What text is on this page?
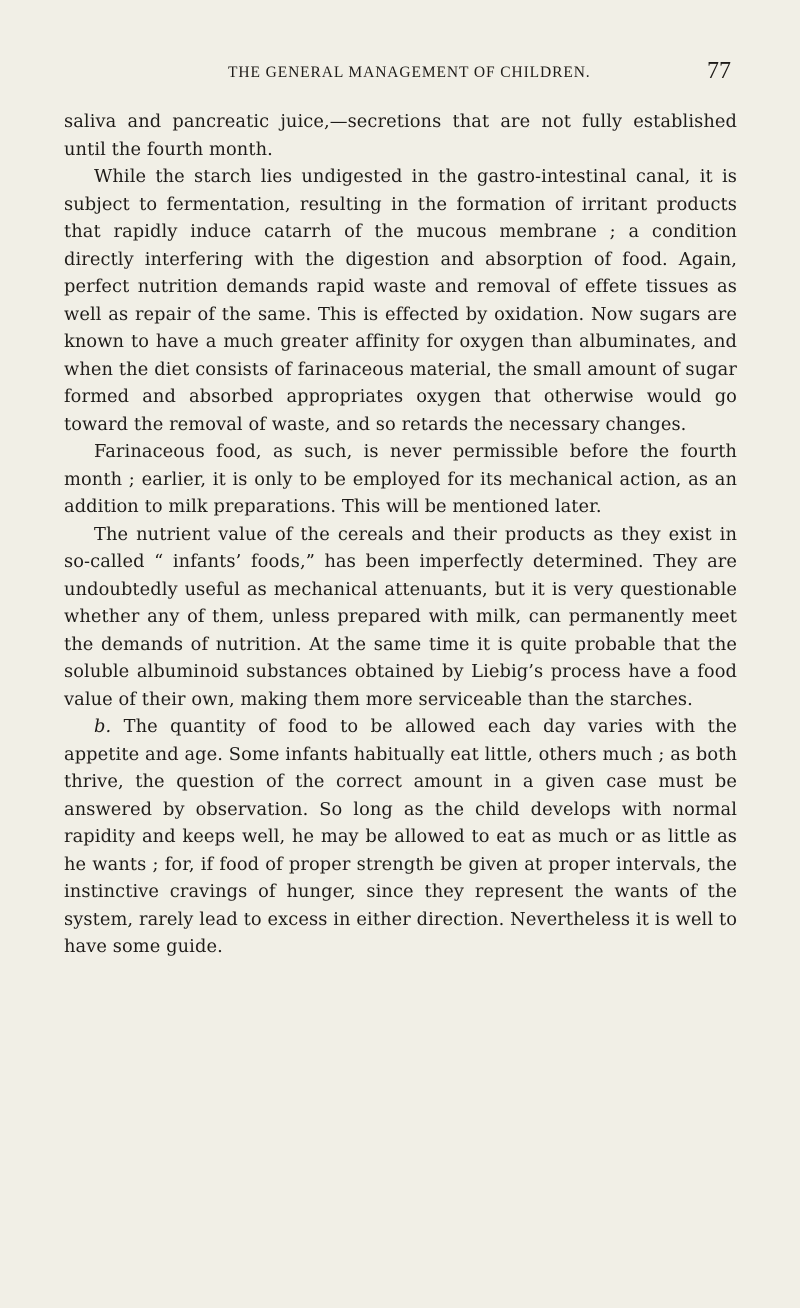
THE GENERAL MANAGEMENT OF CHILDREN.	77

saliva and pancreatic juice,—secretions that are not fully established until the fourth month.

While the starch lies undigested in the gastro-intestinal canal, it is subject to fermentation, resulting in the formation of irritant products that rapidly induce catarrh of the mucous membrane ; a condition directly interfering with the digestion and absorption of food. Again, perfect nutrition demands rapid waste and removal of effete tissues as well as repair of the same. This is effected by oxidation. Now sugars are known to have a much greater affinity for oxygen than albuminates, and when the diet consists of farinaceous material, the small amount of sugar formed and absorbed appropriates oxygen that otherwise would go toward the removal of waste, and so retards the necessary changes.

Farinaceous food, as such, is never permissible before the fourth month ; earlier, it is only to be employed for its mechanical action, as an addition to milk preparations. This will be mentioned later.

The nutrient value of the cereals and their products as they exist in so-called “ infants’ foods,” has been imperfectly determined. They are undoubtedly useful as mechanical attenuants, but it is very questionable whether any of them, unless prepared with milk, can permanently meet the demands of nutrition. At the same time it is quite probable that the soluble albuminoid substances obtained by Liebig’s process have a food value of their own, making them more serviceable than the starches.

b. The quantity of food to be allowed each day varies with the appetite and age. Some infants habitually eat little, others much ; as both thrive, the question of the correct amount in a given case must be answered by observation. So long as the child develops with normal rapidity and keeps well, he may be allowed to eat as much or as little as he wants ; for, if food of proper strength be given at proper intervals, the instinctive cravings of hunger, since they represent the wants of the system, rarely lead to excess in either direction. Nevertheless it is well to have some guide.
